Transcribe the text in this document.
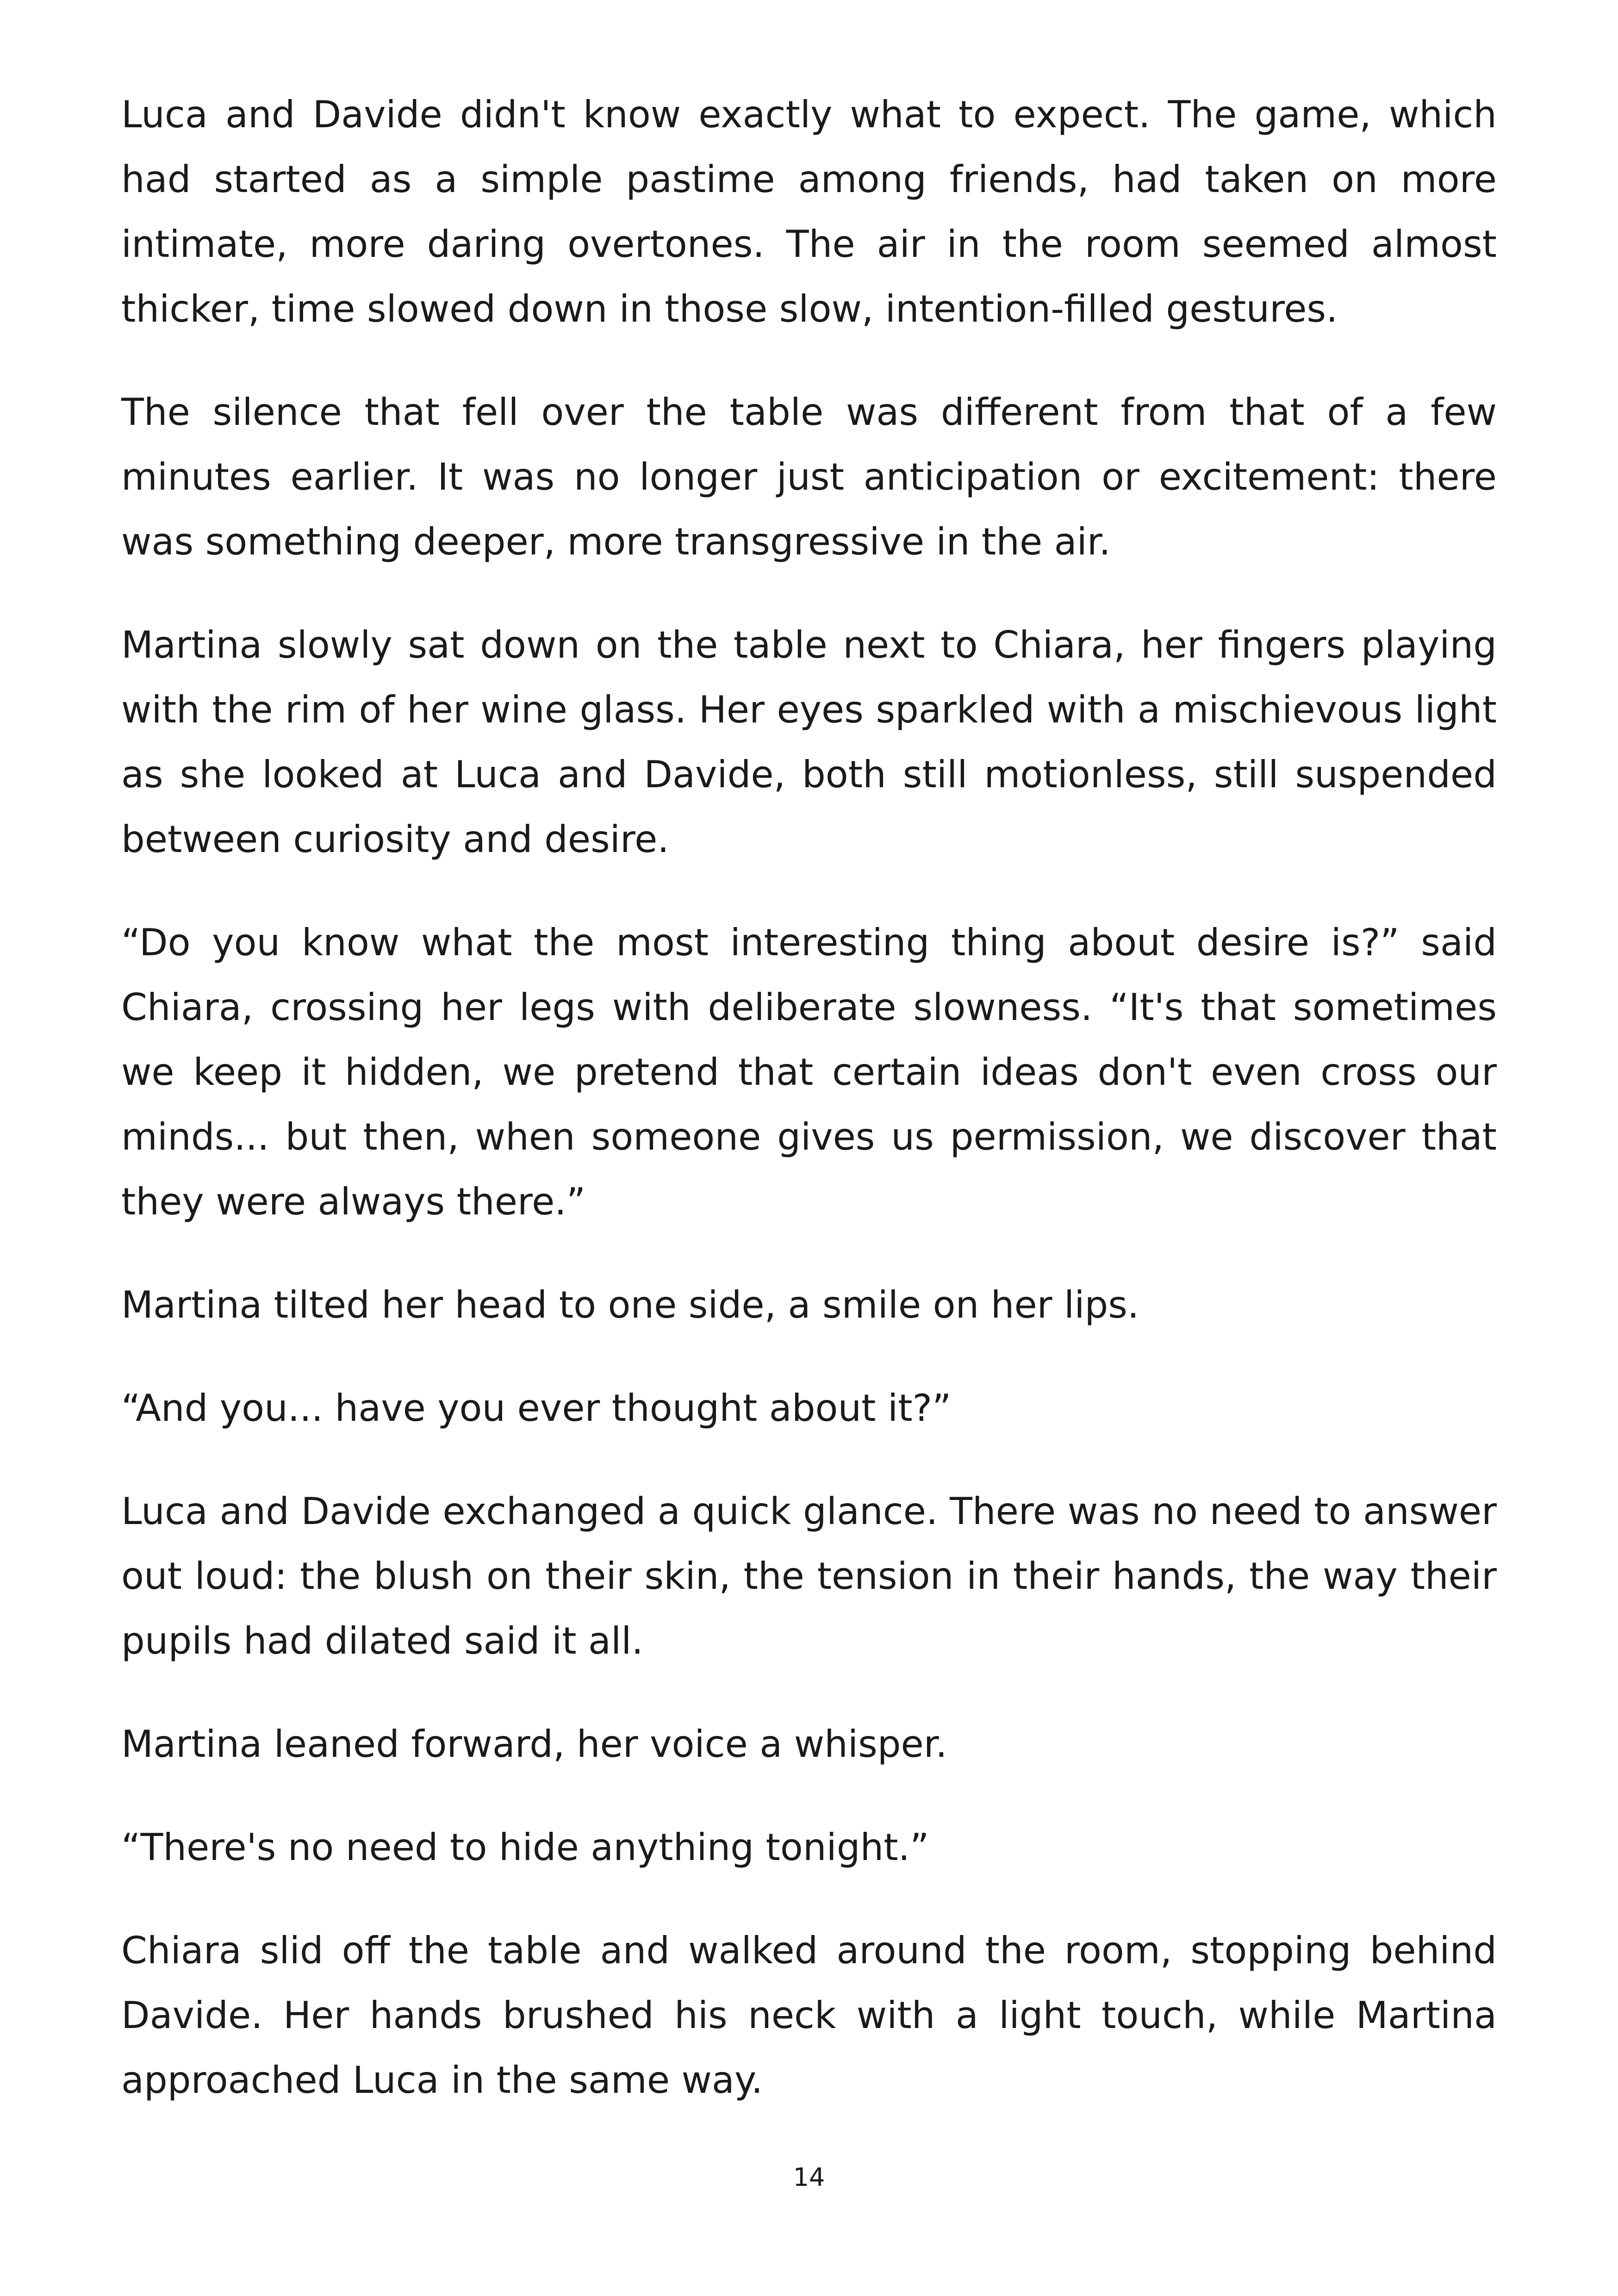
Luca and Davide didn't know exactly what to expect. The game, which had started as a simple pastime among friends, had taken on more intimate, more daring overtones. The air in the room seemed almost thicker, time slowed down in those slow, intention-filled gestures.

The silence that fell over the table was different from that of a few minutes earlier. It was no longer just anticipation or excitement: there was something deeper, more transgressive in the air.

Martina slowly sat down on the table next to Chiara, her fingers playing with the rim of her wine glass. Her eyes sparkled with a mischievous light as she looked at Luca and Davide, both still motionless, still suspended between curiosity and desire.

“Do you know what the most interesting thing about desire is?” said Chiara, crossing her legs with deliberate slowness. “It's that sometimes we keep it hidden, we pretend that certain ideas don't even cross our minds... but then, when someone gives us permission, we discover that they were always there.”

Martina tilted her head to one side, a smile on her lips.

“And you... have you ever thought about it?”

Luca and Davide exchanged a quick glance. There was no need to answer out loud: the blush on their skin, the tension in their hands, the way their pupils had dilated said it all.

Martina leaned forward, her voice a whisper.

“There's no need to hide anything tonight.”

Chiara slid off the table and walked around the room, stopping behind Davide. Her hands brushed his neck with a light touch, while Martina approached Luca in the same way.

14
